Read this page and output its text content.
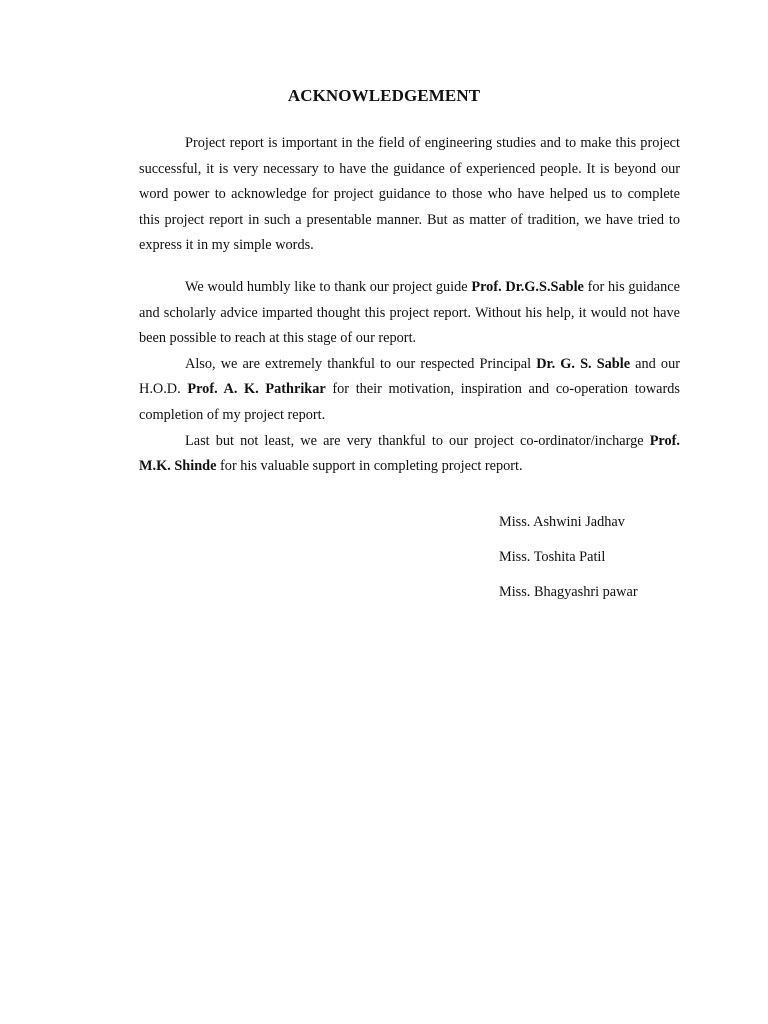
ACKNOWLEDGEMENT

Project report is important in the field of engineering studies and to make this project successful, it is very necessary to have the guidance of experienced people. It is beyond our word power to acknowledge for project guidance to those who have helped us to complete this project report in such a presentable manner. But as matter of tradition, we have tried to express it in my simple words.

We would humbly like to thank our project guide Prof. Dr.G.S.Sable for his guidance and scholarly advice imparted thought this project report. Without his help, it would not have been possible to reach at this stage of our report.

Also, we are extremely thankful to our respected Principal Dr. G. S. Sable and our H.O.D. Prof. A. K. Pathrikar for their motivation, inspiration and co-operation towards completion of my project report.

Last but not least, we are very thankful to our project co-ordinator/incharge Prof. M.K. Shinde for his valuable support in completing project report.

Miss. Ashwini Jadhav

Miss. Toshita Patil

Miss. Bhagyashri pawar
